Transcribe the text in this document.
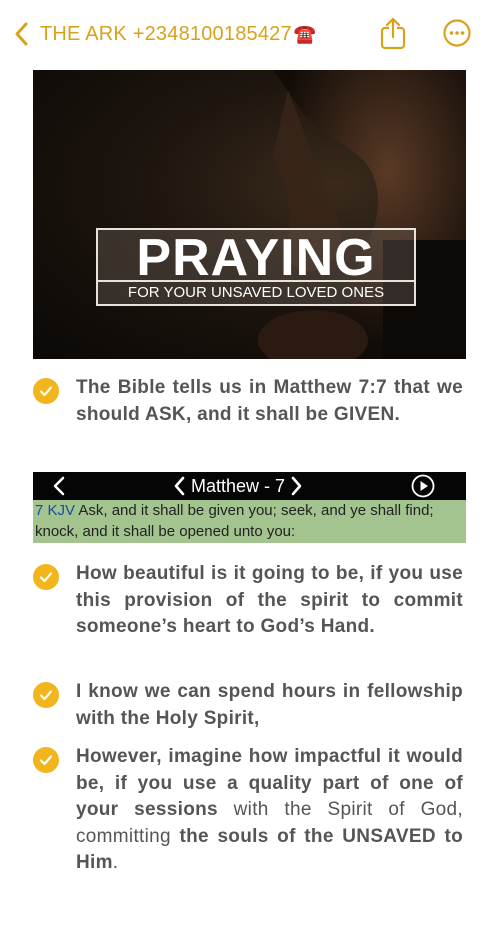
THE ARK +2348100185427 ☎️
PRAYING
FOR YOUR UNSAVED LOVED ONES
The Bible tells us in Matthew 7:7 that we should ASK, and it shall be GIVEN.
Matthew - 7
7 KJV Ask, and it shall be given you; seek, and ye shall find; knock, and it shall be opened unto you:
How beautiful is it going to be, if you use this provision of the spirit to commit someone’s heart to God’s Hand.
I know we can spend hours in fellowship with the Holy Spirit,
However, imagine how impactful it would be, if you use a quality part of one of your sessions with the Spirit of God, committing the souls of the UNSAVED to Him.
